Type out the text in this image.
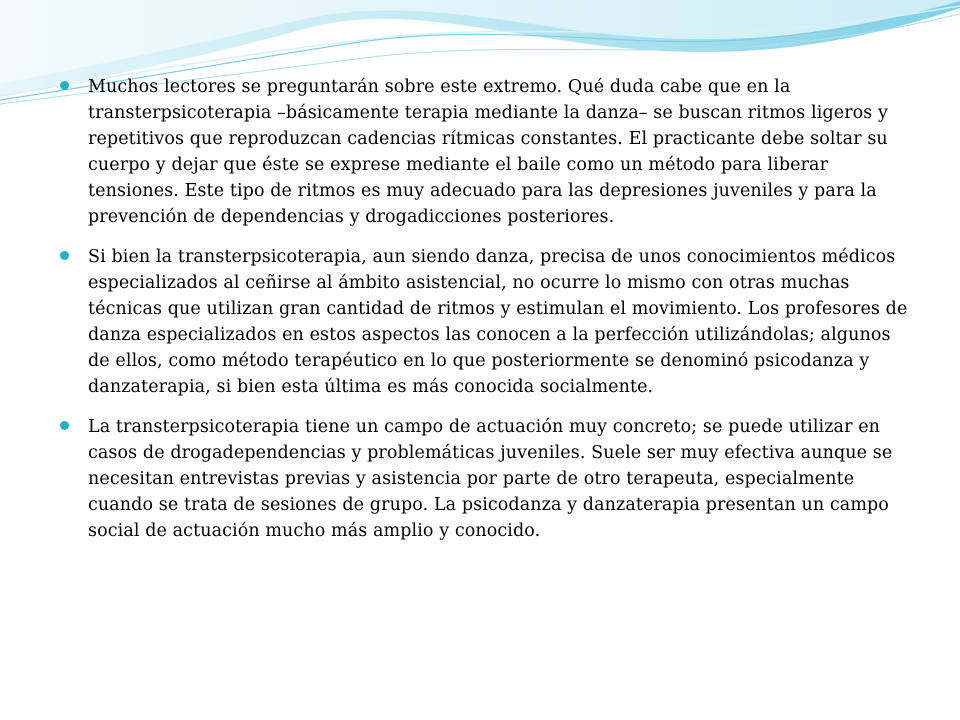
Muchos lectores se preguntarán sobre este extremo. Qué duda cabe que en la transterpsicoterapia –básicamente terapia mediante la danza– se buscan ritmos ligeros y repetitivos que reproduzcan cadencias rítmicas constantes. El practicante debe soltar su cuerpo y dejar que éste se exprese mediante el baile como un método para liberar tensiones. Este tipo de ritmos es muy adecuado para las depresiones juveniles y para la prevención de dependencias y drogadicciones posteriores.
Si bien la transterpsicoterapia, aun siendo danza, precisa de unos conocimientos médicos especializados al ceñirse al ámbito asistencial, no ocurre lo mismo con otras muchas técnicas que utilizan gran cantidad de ritmos y estimulan el movimiento. Los profesores de danza especializados en estos aspectos las conocen a la perfección utilizándolas; algunos de ellos, como método terapéutico en lo que posteriormente se denominó psicodanza y danzaterapia, si bien esta última es más conocida socialmente.
La transterpsicoterapia tiene un campo de actuación muy concreto; se puede utilizar en casos de drogadependencias y problemáticas juveniles. Suele ser muy efectiva aunque se necesitan entrevistas previas y asistencia por parte de otro terapeuta, especialmente cuando se trata de sesiones de grupo. La psicodanza y danzaterapia presentan un campo social de actuación mucho más amplio y conocido.
